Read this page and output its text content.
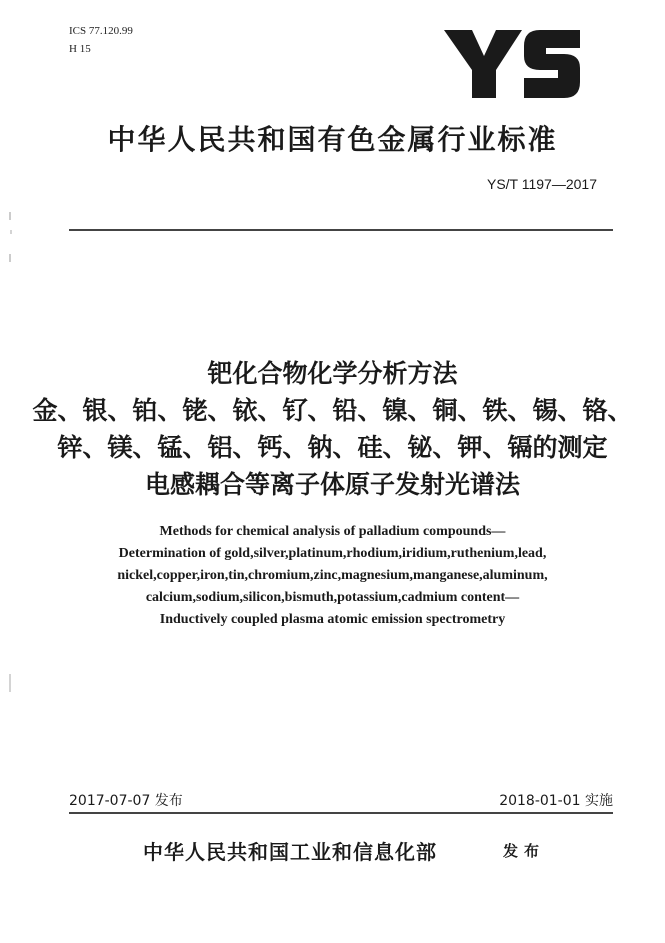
ICS 77.120.99
H 15
中华人民共和国有色金属行业标准
YS/T 1197—2017
钯化合物化学分析方法
金、银、铂、铑、铱、钌、铅、镍、铜、铁、锡、铬、
锌、镁、锰、铝、钙、钠、硅、铋、钾、镉的测定
电感耦合等离子体原子发射光谱法
Methods for chemical analysis of palladium compounds—
Determination of gold,silver,platinum,rhodium,iridium,ruthenium,lead,
nickel,copper,iron,tin,chromium,zinc,magnesium,manganese,aluminum,
calcium,sodium,silicon,bismuth,potassium,cadmium content—
Inductively coupled plasma atomic emission spectrometry
2017-07-07 发布	2018-01-01 实施
中华人民共和国工业和信息化部	发布
